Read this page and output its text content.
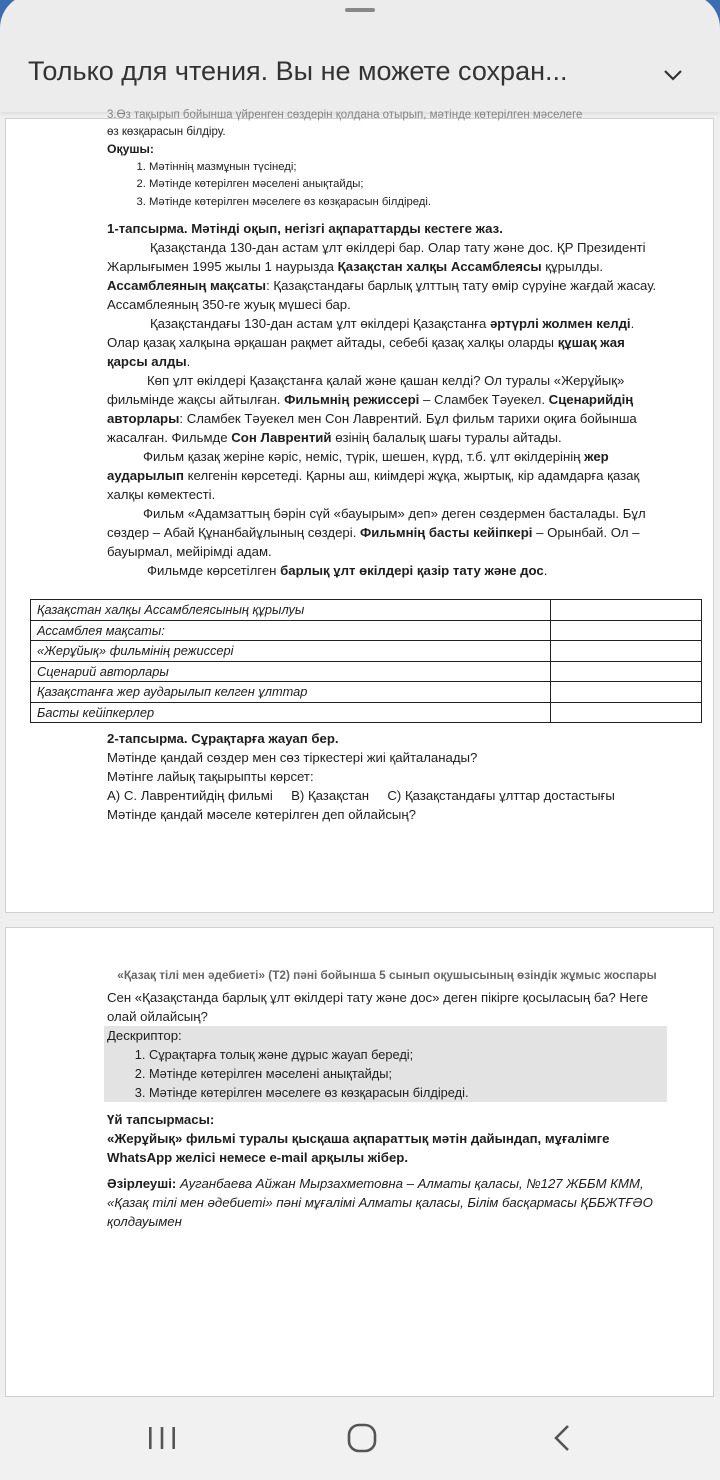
Только для чтения. Вы не можете сохран...

3.Өз тақырып бойынша үйренген сөздерін қолдана отырып, мәтінде көтерілген мәселеге

өз көзқарасын білдіру.

Оқушы:

1. Мәтіннің мазмұнын түсінеді;
2. Мәтінде көтерілген мәселені анықтайды;
3. Мәтінде көтерілген мәселеге өз көзқарасын білдіреді.

1-тапсырма. Мәтінді оқып, негізгі ақпараттарды кестеге жаз.

Қазақстанда 130-дан астам ұлт өкілдері бар. Олар тату және дос. ҚР Президенті Жарлығымен 1995 жылы 1 наурызда Қазақстан халқы Ассамблеясы құрылды. Ассамблеяның мақсаты: Қазақстандағы барлық ұлттың тату өмір сүруіне жағдай жасау. Ассамблеяның 350-ге жуық мүшесі бар.

Қазақстандағы 130-дан астам ұлт өкілдері Қазақстанға әртүрлі жолмен келді. Олар қазақ халқына әрқашан рақмет айтады, себебі қазақ халқы оларды құшақ жая қарсы алды.

Көп ұлт өкілдері Қазақстанға қалай және қашан келді? Ол туралы «Жерұйық» фильмінде жақсы айтылған. Фильмнің режиссері – Сламбек Тәуекел. Сценарийдің авторлары: Сламбек Тәуекел мен Сон Лаврентий. Бұл фильм тарихи оқиға бойынша жасалған. Фильмде Сон Лаврентий өзінің балалық шағы туралы айтады.

Фильм қазақ жеріне кәріс, неміс, түрік, шешен, күрд, т.б. ұлт өкілдерінің жер аударылып келгенін көрсетеді. Қарны аш, киімдері жұқа, жыртық, кір адамдарға қазақ халқы көмектесті.

Фильм «Адамзаттың бәрін сүй «бауырым» деп» деген сөздермен басталады. Бұл сөздер – Абай Құнанбайұлының сөздері. Фильмнің басты кейіпкері – Орынбай. Ол – бауырмал, мейірімді адам.

Фильмде көрсетілген барлық ұлт өкілдері қазір тату және дос.

Қазақстан халқы Ассамблеясының құрылуы	
Ассамблея мақсаты:	
«Жерұйық» фильмінің режиссері	
Сценарий авторлары	
Қазақстанға жер аударылып келген ұлттар	
Басты кейіпкерлер	

2-тапсырма. Сұрақтарға жауап бер.

Мәтінде қандай сөздер мен сөз тіркестері жиі қайталанады?

Мәтінге лайық тақырыпты көрсет:

А) С. Лаврентийдің фильмі     В) Қазақстан     С) Қазақстандағы ұлттар достастығы

Мәтінде қандай мәселе көтерілген деп ойлайсың?

«Қазақ тілі мен әдебиеті» (Т2) пәні бойынша 5 сынып оқушысының өзіндік жұмыс жоспары

Сен «Қазақстанда барлық ұлт өкілдері тату және дос» деген пікірге қосыласың ба? Неге олай ойлайсың?

Дескриптор:

1. Сұрақтарға толық және дұрыс жауап береді;
2. Мәтінде көтерілген мәселені анықтайды;
3. Мәтінде көтерілген мәселеге өз көзқарасын білдіреді.

Үй тапсырмасы:

«Жерұйық» фильмі туралы қысқаша ақпараттық мәтін дайындап, мұғалімге WhatsApp желісі немесе e-mail арқылы жібер.

Әзірлеуші: Ауганбаева Айжан Мырзахметовна – Алматы қаласы, №127 ЖББМ КММ, «Қазақ тілі мен әдебиеті» пәні мұғалімі Алматы қаласы, Білім басқармасы ҚББЖТҒӘО қолдауымен
